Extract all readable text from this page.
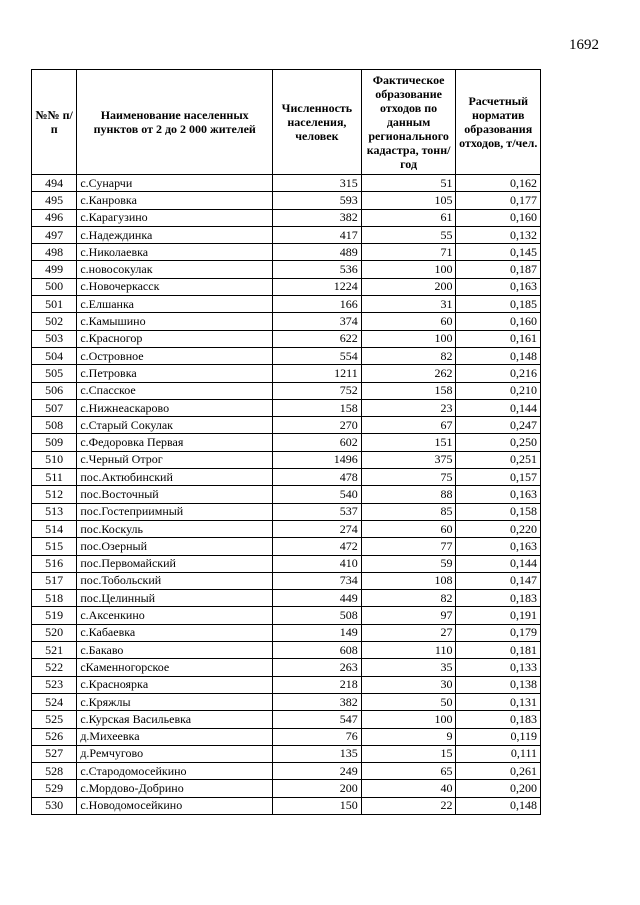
1692
№№ п/п	Наименование населенных пунктов от 2 до 2 000 жителей	Численность населения, человек	Фактическое образование отходов по данным регионального кадастра, тонн/год	Расчетный норматив образования отходов, т/чел.
494	с.Сунарчи	315	51	0,162
495	с.Канровка	593	105	0,177
496	с.Карагузино	382	61	0,160
497	с.Надеждинка	417	55	0,132
498	с.Николаевка	489	71	0,145
499	с.новосокулак	536	100	0,187
500	с.Новочеркасск	1224	200	0,163
501	с.Елшанка	166	31	0,185
502	с.Камышино	374	60	0,160
503	с.Красногор	622	100	0,161
504	с.Островное	554	82	0,148
505	с.Петровка	1211	262	0,216
506	с.Спасское	752	158	0,210
507	с.Нижнеаскарово	158	23	0,144
508	с.Старый Сокулак	270	67	0,247
509	с.Федоровка Первая	602	151	0,250
510	с.Черный Отрог	1496	375	0,251
511	пос.Актюбинский	478	75	0,157
512	пос.Восточный	540	88	0,163
513	пос.Гостеприимный	537	85	0,158
514	пос.Коскуль	274	60	0,220
515	пос.Озерный	472	77	0,163
516	пос.Первомайский	410	59	0,144
517	пос.Тобольский	734	108	0,147
518	пос.Целинный	449	82	0,183
519	с.Аксенкино	508	97	0,191
520	с.Кабаевка	149	27	0,179
521	с.Бакаво	608	110	0,181
522	сКаменногорское	263	35	0,133
523	с.Краснояркa	218	30	0,138
524	с.Кряжлы	382	50	0,131
525	с.Курская Васильевка	547	100	0,183
526	д.Михеевка	76	9	0,119
527	д.Ремчугово	135	15	0,111
528	с.Стародомосейкино	249	65	0,261
529	с.Мордово-Добрино	200	40	0,200
530	с.Новодомосейкино	150	22	0,148
